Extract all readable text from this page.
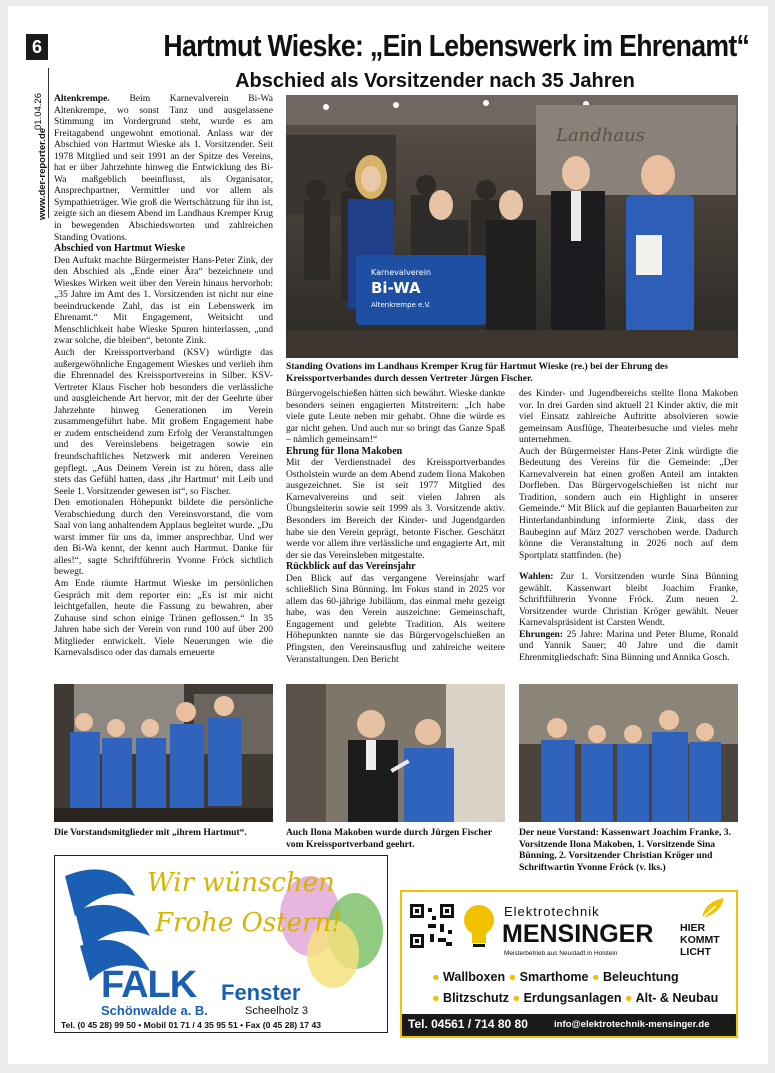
6
01.04.26
www.der-reporter.de
Hartmut Wieske: „Ein Lebenswerk im Ehrenamt“
Abschied als Vorsitzender nach 35 Jahren

Altenkrempe. Beim Karnevalverein Bi-Wa Altenkrempe, wo sonst Tanz und ausgelassene Stimmung im Vordergrund steht, wurde es am Freitagabend ungewohnt emotional. Anlass war der Abschied von Hartmut Wieske als 1. Vorsitzender. Seit 1978 Mitglied und seit 1991 an der Spitze des Vereins, hat er über Jahrzehnte hinweg die Entwicklung des Bi-Wa maßgeblich beeinflusst, als Organisator, Ansprechpartner, Vermittler und vor allem als Sympathieträger. Wie groß die Wertschätzung für ihn ist, zeigte sich an diesem Abend im Landhaus Kremper Krug in bewegenden Abschiedsworten und zahlreichen Standing Ovations.

Abschied von Hartmut Wieske

Den Auftakt machte Bürgermeister Hans-Peter Zink, der den Abschied als „Ende einer Ära“ bezeichnete und Wieskes Wirken weit über den Verein hinaus hervorhob: „35 Jahre im Amt des 1. Vorsitzenden ist nicht nur eine beeindruckende Zahl, das ist ein Lebenswerk im Ehrenamt.“ Mit Engagement, Weitsicht und Menschlichkeit habe Wieske Spuren hinterlassen, „und zwar solche, die bleiben“, betonte Zink.

Auch der Kreissportverband (KSV) würdigte das außergewöhnliche Engagement Wieskes und verlieh ihm die Ehrennadel des Kreissportvereins in Silber. KSV-Vertreter Klaus Fischer hob besonders die verlässliche und ausgleichende Art hervor, mit der der Geehrte über Jahrzehnte hinweg Generationen im Verein zusammengeführt habe. Mit großem Engagement habe er zudem entscheidend zum Erfolg der Veranstaltungen und des Vereinslebens beigetragen sowie ein freundschaftliches Netzwerk mit anderen Vereinen gepflegt. „Aus Deinem Verein ist zu hören, dass alle stets das Gefühl hatten, dass ‚ihr Hartmut‘ mit Leib und Seele 1. Vorsitzender gewesen ist“, so Fischer.

Den emotionalen Höhepunkt bildete die persönliche Verabschiedung durch den Vereinsvorstand, die vom Saal von lang anhaltendem Applaus begleitet wurde. „Du warst immer für uns da, immer ansprechbar. Und wer den Bi-Wa kennt, der kennt auch Hartmut. Danke für alles!“, sagte Schriftführerin Yvonne Fröck sichtlich bewegt.

Am Ende räumte Hartmut Wieske im persönlichen Gespräch mit dem reporter ein: „Es ist mir nicht leichtgefallen, heute die Fassung zu bewahren, aber Zuhause sind schon einige Tränen geflossen.“ In 35 Jahren habe sich der Verein von rund 100 auf über 200 Mitglieder entwickelt. Viele Neuerungen wie die Karnevalsdisco oder das damals erneuerte

Landhaus
Karnevalverein
Bi-WA
Altenkrempe e.V.
Standing Ovations im Landhaus Kremper Krug für Hartmut Wieske (re.) bei der Ehrung des Kreissportverbandes durch dessen Vertreter Jürgen Fischer.

Bürgervogelschießen hätten sich bewährt. Wieske dankte besonders seinen engagierten Mitstreitern: „Ich habe viele gute Leute neben mir gehabt. Ohne die würde es gar nicht gehen. Und auch nur so bringt das Ganze Spaß – nämlich gemeinsam!“

Ehrung für Ilona Makoben

Mit der Verdienstnadel des Kreissportverbandes Ostholstein wurde an dem Abend zudem Ilona Makoben ausgezeichnet. Sie ist seit 1977 Mitglied des Karnevalvereins und seit vielen Jahren als Übungsleiterin sowie seit 1999 als 3. Vorsitzende aktiv. Besonders im Bereich der Kinder- und Jugendgarden habe sie den Verein geprägt, betonte Fischer. Geschätzt werde vor allem ihre verlässliche und engagierte Art, mit der sie das Vereinsleben mitgestalte.

Rückblick auf das Vereinsjahr

Den Blick auf das vergangene Vereinsjahr warf schließlich Sina Bünning. Im Fokus stand in 2025 vor allem das 60-jährige Jubiläum, das einmal mehr gezeigt habe, was den Verein auszeichne: Gemeinschaft, Engagement und gelebte Tradition. Als weitere Höhepunkten nannte sie das Bürgervogelschießen an Pfingsten, den Vereinsausflug und zahlreiche weitere Veranstaltungen. Den Bericht

des Kinder- und Jugendbereichs stellte Ilona Makoben vor. In drei Garden sind aktuell 21 Kinder aktiv, die mit viel Einsatz zahlreiche Auftritte absolvieren sowie gemeinsam Ausflüge, Theaterbesuche und vieles mehr unternehmen.

Auch der Bürgermeister Hans-Peter Zink würdigte die Bedeutung des Vereins für die Gemeinde: „Der Karnevalverein hat einen großen Anteil am intakten Dorfleben. Das Bürgervogelschießen ist nicht nur Tradition, sondern auch ein Highlight in unserer Gemeinde.“ Mit Blick auf die geplanten Bauarbeiten zur Hinterlandanbindung informierte Zink, dass der Baubeginn auf März 2027 verschoben werde. Dadurch könne die Veranstaltung in 2026 noch auf dem Sportplatz stattfinden. (he)

Wahlen: Zur 1. Vorsitzenden wurde Sina Bünning gewählt. Kassenwart bleibt Joachim Franke, Schriftführerin Yvonne Fröck. Zum neuen 2. Vorsitzender wurde Christian Kröger gewählt. Neuer Karnevalspräsident ist Carsten Wendt.

Ehrungen: 25 Jahre: Marina und Peter Blume, Ronald und Yannik Sauer; 40 Jahre und die damit Ehrenmitgliedschaft: Sina Bünning und Annika Gosch.

Die Vorstandsmitglieder mit „ihrem Hartmut“.	Auch Ilona Makoben wurde durch Jürgen Fischer vom Kreissportverband geehrt.
Der neue Vorstand: Kassenwart Joachim Franke, 3. Vorsitzende Ilona Makoben, 1. Vorsitzende Sina Bünning, 2. Vorsitzender Christian Kröger und Schriftwartin Yvonne Fröck (v. lks.)
Wir wünschen
Frohe Ostern!
Gerhard
FALK Fenster
Schönwalde a. B.	Scheelholz 3
Tel. (0 45 28) 99 50 • Mobil 01 71 / 4 35 95 51 • Fax (0 45 28) 17 43
Elektrotechnik
MENSINGER
Meisterbetrieb aus Neustadt in Holstein
HIER
KOMMT
LICHT
● Wallboxen ● Smarthome ● Beleuchtung
● Blitzschutz ● Erdungsanlagen ● Alt- & Neubau
Tel. 04561 / 714 80 80	info@elektrotechnik-mensinger.de
